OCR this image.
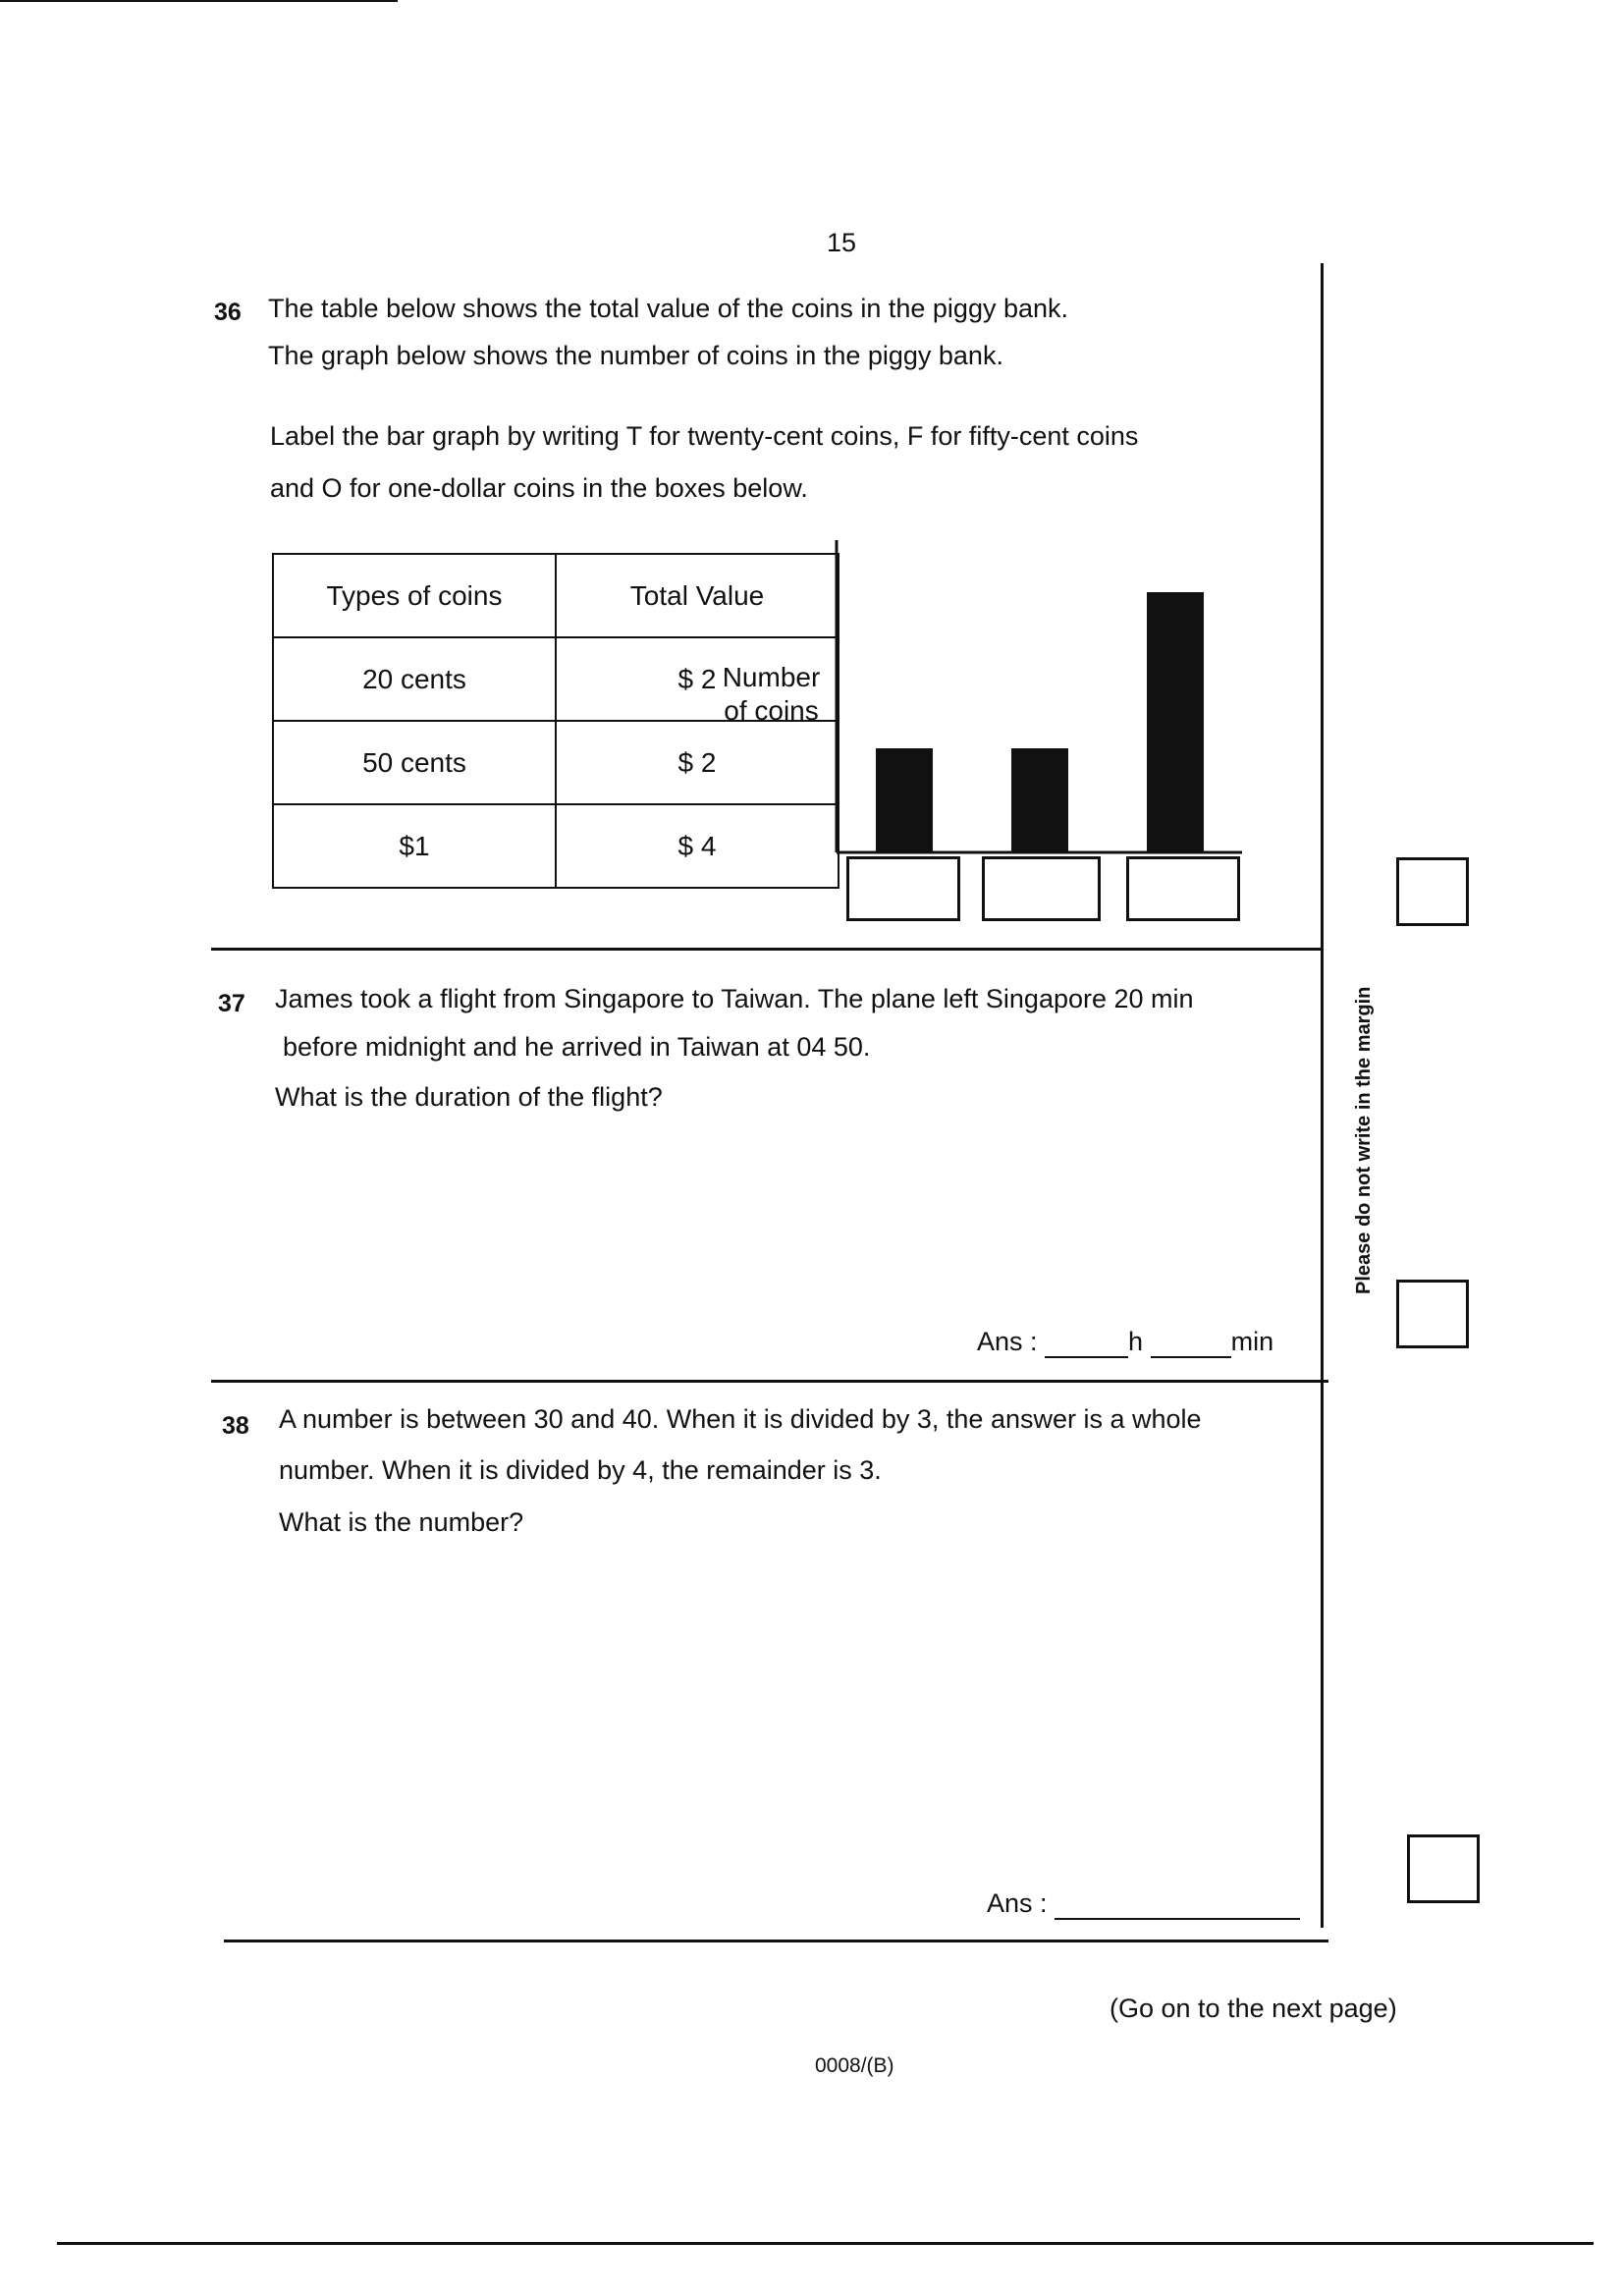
15
36 The table below shows the total value of the coins in the piggy bank.
The graph below shows the number of coins in the piggy bank.
Label the bar graph by writing T for twenty-cent coins, F for fifty-cent coins
and O for one-dollar coins in the boxes below.
Types of coins	Total Value
20 cents	$ 2
50 cents	$ 2
$1	$ 4
Number of coins
37 James took a flight from Singapore to Taiwan. The plane left Singapore 20 min
before midnight and he arrived in Taiwan at 04 50.
What is the duration of the flight?
Ans :	h	min
38 A number is between 30 and 40. When it is divided by 3, the answer is a whole
number. When it is divided by 4, the remainder is 3.
What is the number?
Ans :
Please do not write in the margin
(Go on to the next page)
0008/(B)
